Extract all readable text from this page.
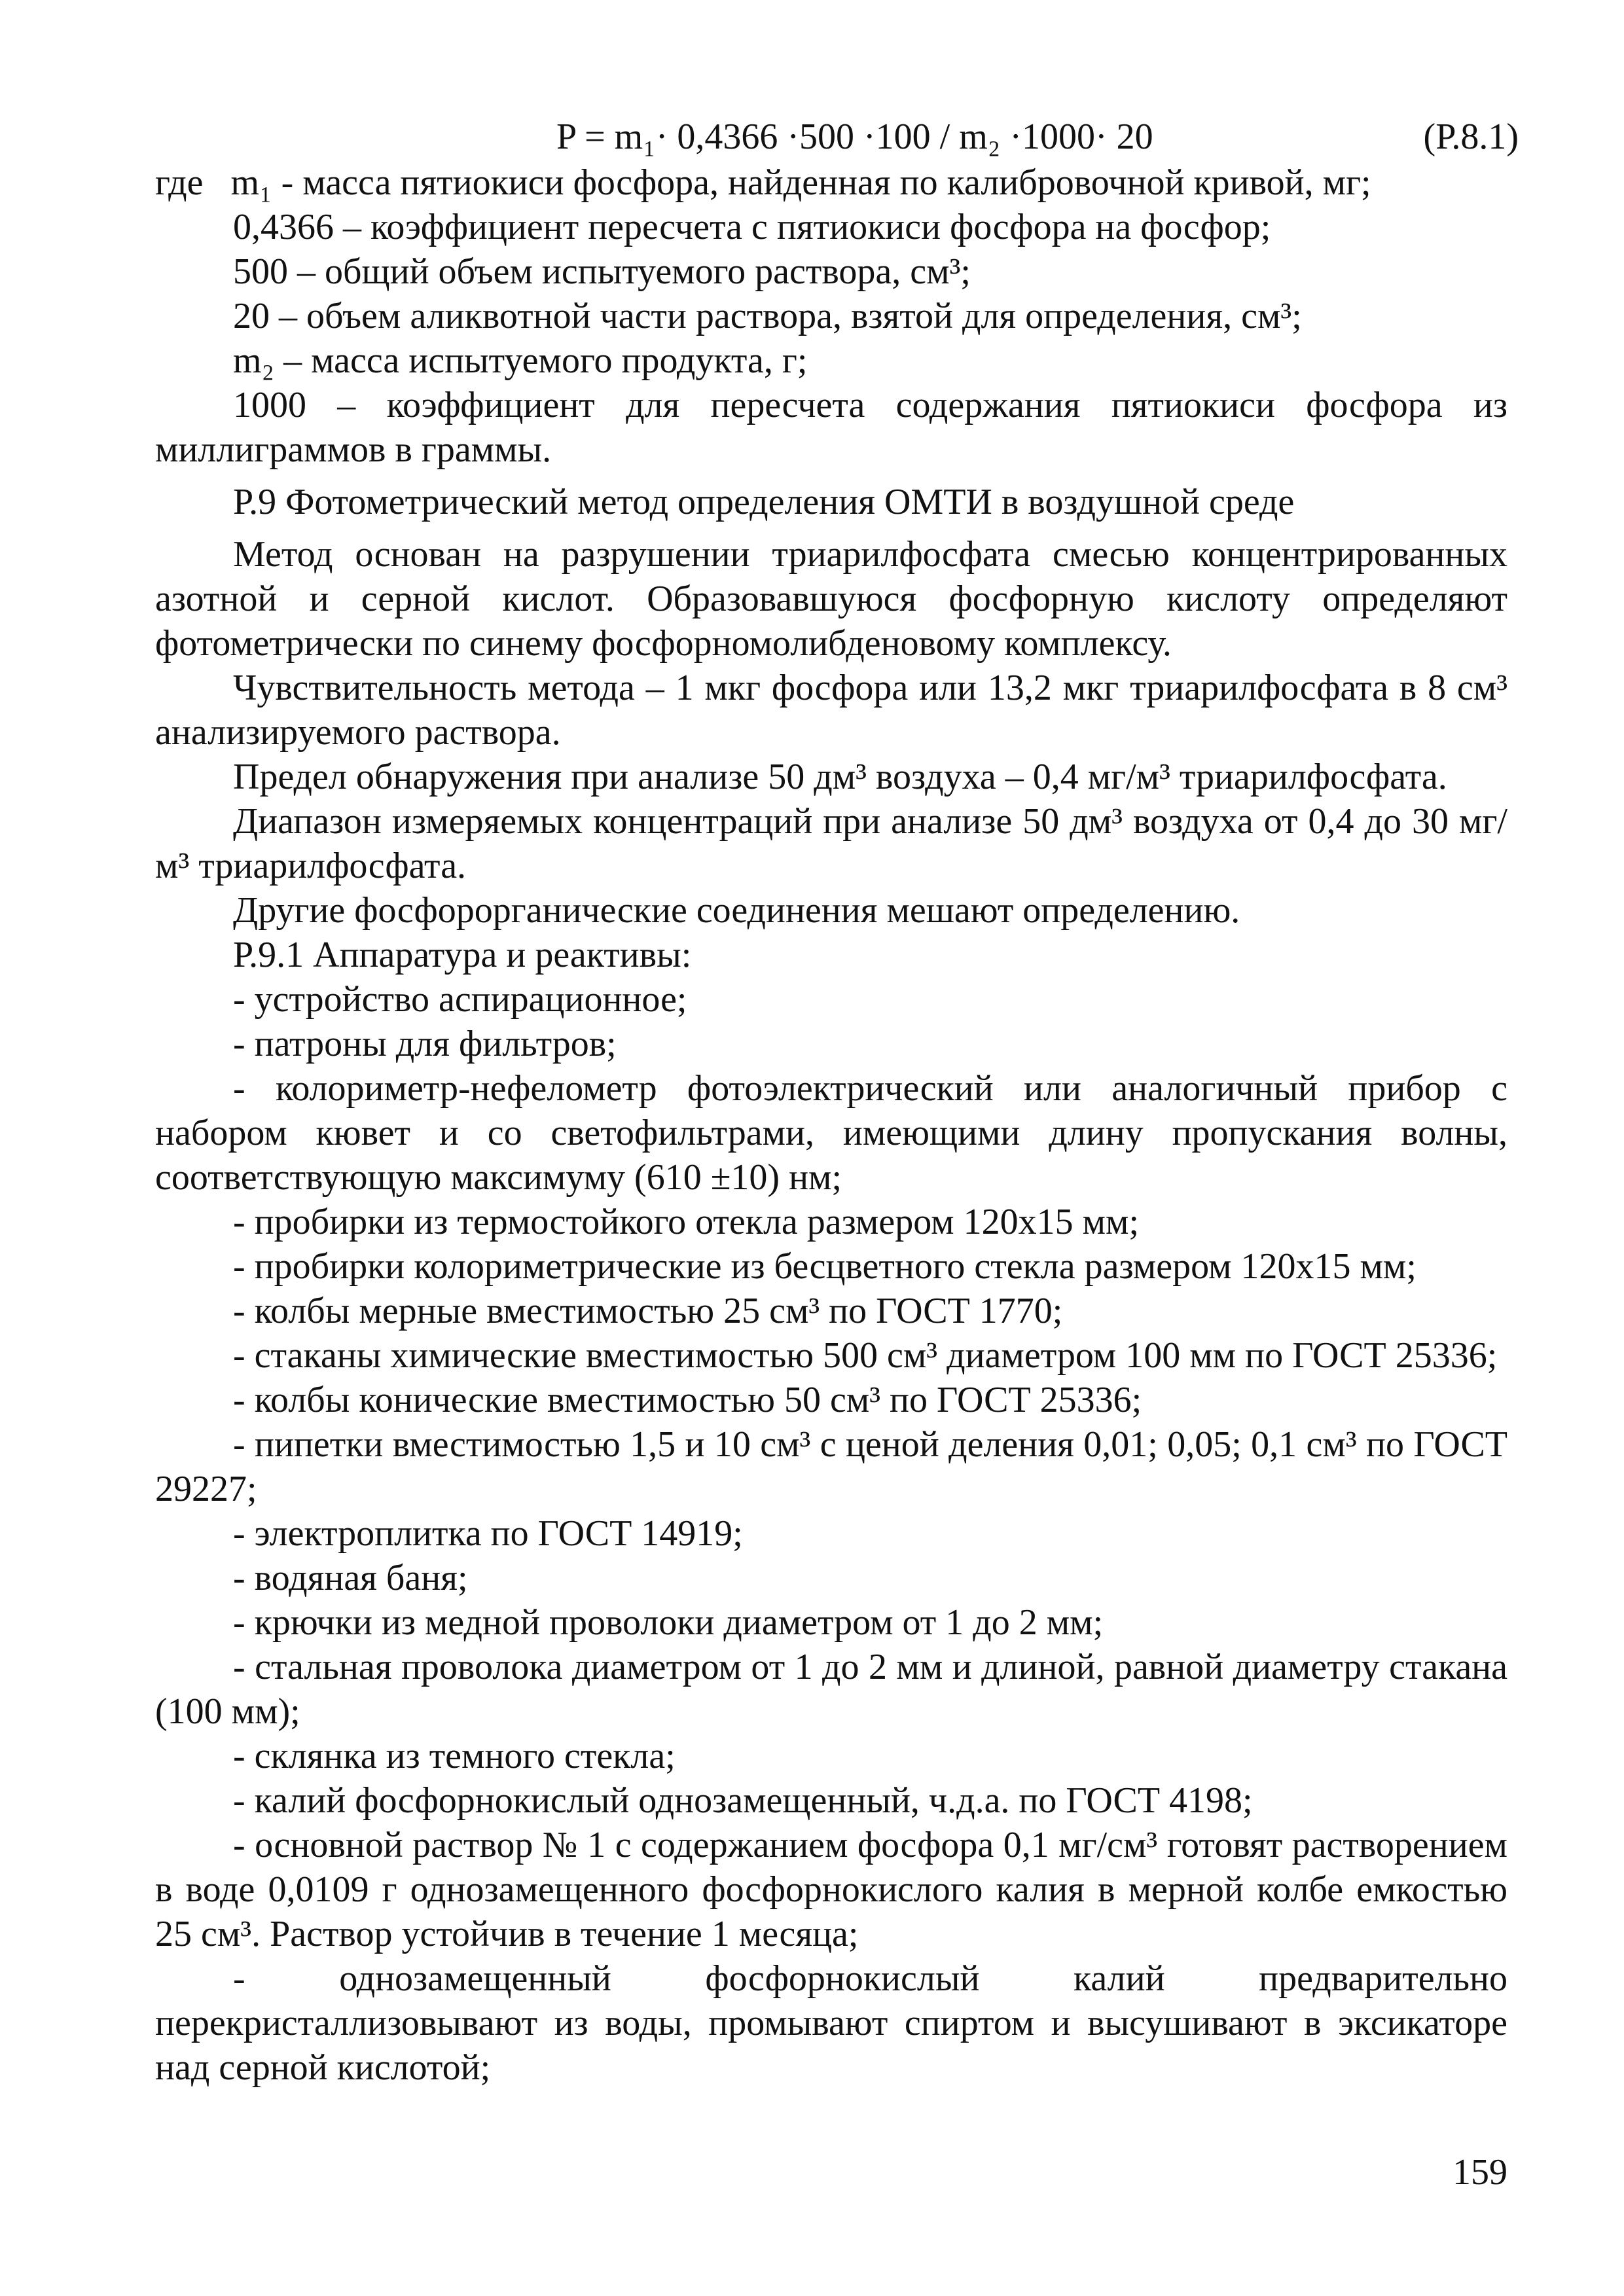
P = m₁· 0,4366 ·500 ·100 / m₂ ·1000· 20	(Р.8.1)

где m₁ - масса пятиокиси фосфора, найденная по калибровочной кривой, мг;

0,4366 – коэффициент пересчета с пятиокиси фосфора на фосфор;

500 – общий объем испытуемого раствора, см³;

20 – объем аликвотной части раствора, взятой для определения, см³;

m₂ – масса испытуемого продукта, г;

1000 – коэффициент для пересчета содержания пятиокиси фосфора из миллиграммов в граммы.

Р.9 Фотометрический метод определения ОМТИ в воздушной среде

Метод основан на разрушении триарилфосфата смесью концентрированных азотной и серной кислот. Образовавшуюся фосфорную кислоту определяют фотометрически по синему фосфорномолибденовому комплексу.

Чувствительность метода – 1 мкг фосфора или 13,2 мкг триарилфосфата в 8 см³ анализируемого раствора.

Предел обнаружения при анализе 50 дм³ воздуха – 0,4 мг/м³ триарилфосфата.

Диапазон измеряемых концентраций при анализе 50 дм³ воздуха от 0,4 до 30 мг/м³ триарилфосфата.

Другие фосфорорганические соединения мешают определению.

Р.9.1 Аппаратура и реактивы:

- устройство аспирационное;

- патроны для фильтров;

- колориметр-нефелометр фотоэлектрический или аналогичный прибор с набором кювет и со светофильтрами, имеющими длину пропускания волны, соответствующую максимуму (610 ±10) нм;

- пробирки из термостойкого отекла размером 120х15 мм;

- пробирки колориметрические из бесцветного стекла размером 120х15 мм;

- колбы мерные вместимостью 25 см³ по ГОСТ 1770;

- стаканы химические вместимостью 500 см³ диаметром 100 мм по ГОСТ 25336;

- колбы конические вместимостью 50 см³ по ГОСТ 25336;

- пипетки вместимостью 1,5 и 10 см³ с ценой деления 0,01; 0,05; 0,1 см³ по ГОСТ 29227;

- электроплитка по ГОСТ 14919;

- водяная баня;

- крючки из медной проволоки диаметром от 1 до 2 мм;

- стальная проволока диаметром от 1 до 2 мм и длиной, равной диаметру стакана (100 мм);

- склянка из темного стекла;

- калий фосфорнокислый однозамещенный, ч.д.а. по ГОСТ 4198;

- основной раствор № 1 с содержанием фосфора 0,1 мг/см³ готовят растворением в воде 0,0109 г однозамещенного фосфорнокислого калия в мерной колбе емкостью 25 см³. Раствор устойчив в течение 1 месяца;

- однозамещенный фосфорнокислый калий предварительно перекристаллизовывают из воды, промывают спиртом и высушивают в эксикаторе над серной кислотой;

159
